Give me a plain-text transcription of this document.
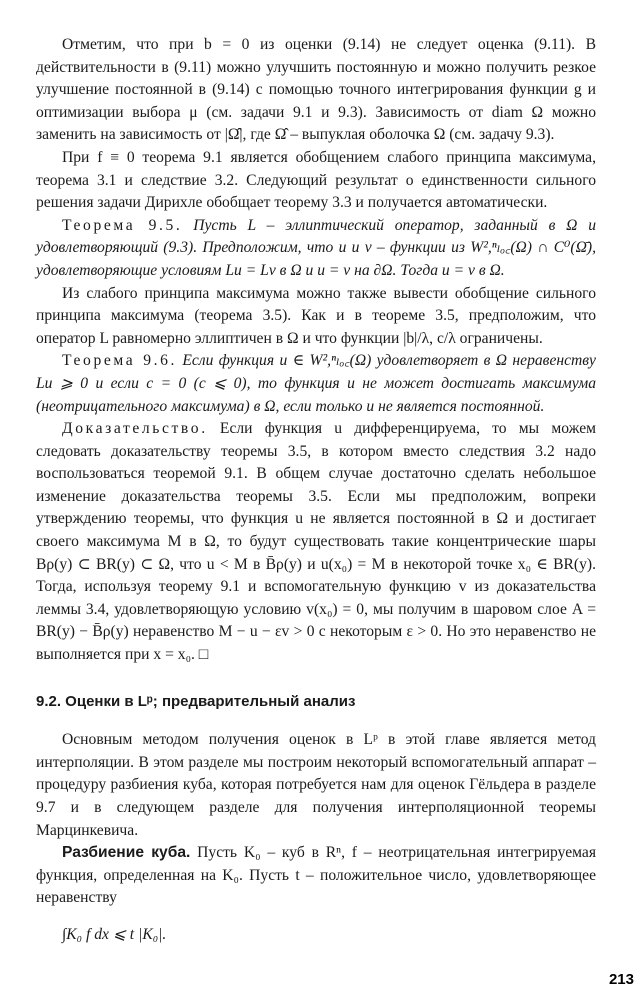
Отметим, что при b = 0 из оценки (9.14) не следует оценка (9.11). В действительности в (9.11) можно улучшить постоянную и можно получить резкое улучшение постоянной в (9.14) с помощью точного интегрирования функции g и оптимизации выбора μ (см. задачи 9.1 и 9.3). Зависимость от diam Ω можно заменить на зависимость от |Ω̂|, где Ω̂ – выпуклая оболочка Ω (см. задачу 9.3).

При f ≡ 0 теорема 9.1 является обобщением слабого принципа максимума, теорема 3.1 и следствие 3.2. Следующий результат о единственности сильного решения задачи Дирихле обобщает теорему 3.3 и получается автоматически.

Теорема 9.5. Пусть L – эллиптический оператор, заданный в Ω и удовлетворяющий (9.3). Предположим, что u и v – функции из W²,ⁿₗₒ꜀(Ω) ∩ C⁰(Ω̄), удовлетворяющие условиям Lu = Lv в Ω и u = v на ∂Ω. Тогда u = v в Ω.

Из слабого принципа максимума можно также вывести обобщение сильного принципа максимума (теорема 3.5). Как и в теореме 3.5, предположим, что оператор L равномерно эллиптичен в Ω и что функции |b|/λ, c/λ ограничены.

Теорема 9.6. Если функция u ∈ W²,ⁿₗₒ꜀(Ω) удовлетворяет в Ω неравенству Lu ⩾ 0 и если c = 0 (c ⩽ 0), то функция и не может достигать максимума (неотрицательного максимума) в Ω, если только и не является постоянной.

Доказательство. Если функция u дифференцируема, то мы можем следовать доказательству теоремы 3.5, в котором вместо следствия 3.2 надо воспользоваться теоремой 9.1. В общем случае достаточно сделать небольшое изменение доказательства теоремы 3.5. Если мы предположим, вопреки утверждению теоремы, что функция u не является постоянной в Ω и достигает своего максимума M в Ω, то будут существовать такие концентрические шары Bρ(y) ⊂ BR(y) ⊂ Ω, что u < M в B̄ρ(y) и u(x₀) = M в некоторой точке x₀ ∈ BR(y). Тогда, используя теорему 9.1 и вспомогательную функцию v из доказательства леммы 3.4, удовлетворяющую условию v(x₀) = 0, мы получим в шаровом слое A = BR(y) − B̄ρ(y) неравенство M − u − εv > 0 с некоторым ε > 0. Но это неравенство не выполняется при x = x₀. □

9.2. Оценки в Lᵖ; предварительный анализ

Основным методом получения оценок в Lᵖ в этой главе является метод интерполяции. В этом разделе мы построим некоторый вспомогательный аппарат – процедуру разбиения куба, которая потребуется нам для оценок Гёльдера в разделе 9.7 и в следующем разделе для получения интерполяционной теоремы Марцинкевича.

Разбиение куба. Пусть K₀ – куб в Rⁿ, f – неотрицательная интегрируемая функция, определенная на K₀. Пусть t – положительное число, удовлетворяющее неравенству

∫K₀ f dx ⩽ t |K₀|.
213
